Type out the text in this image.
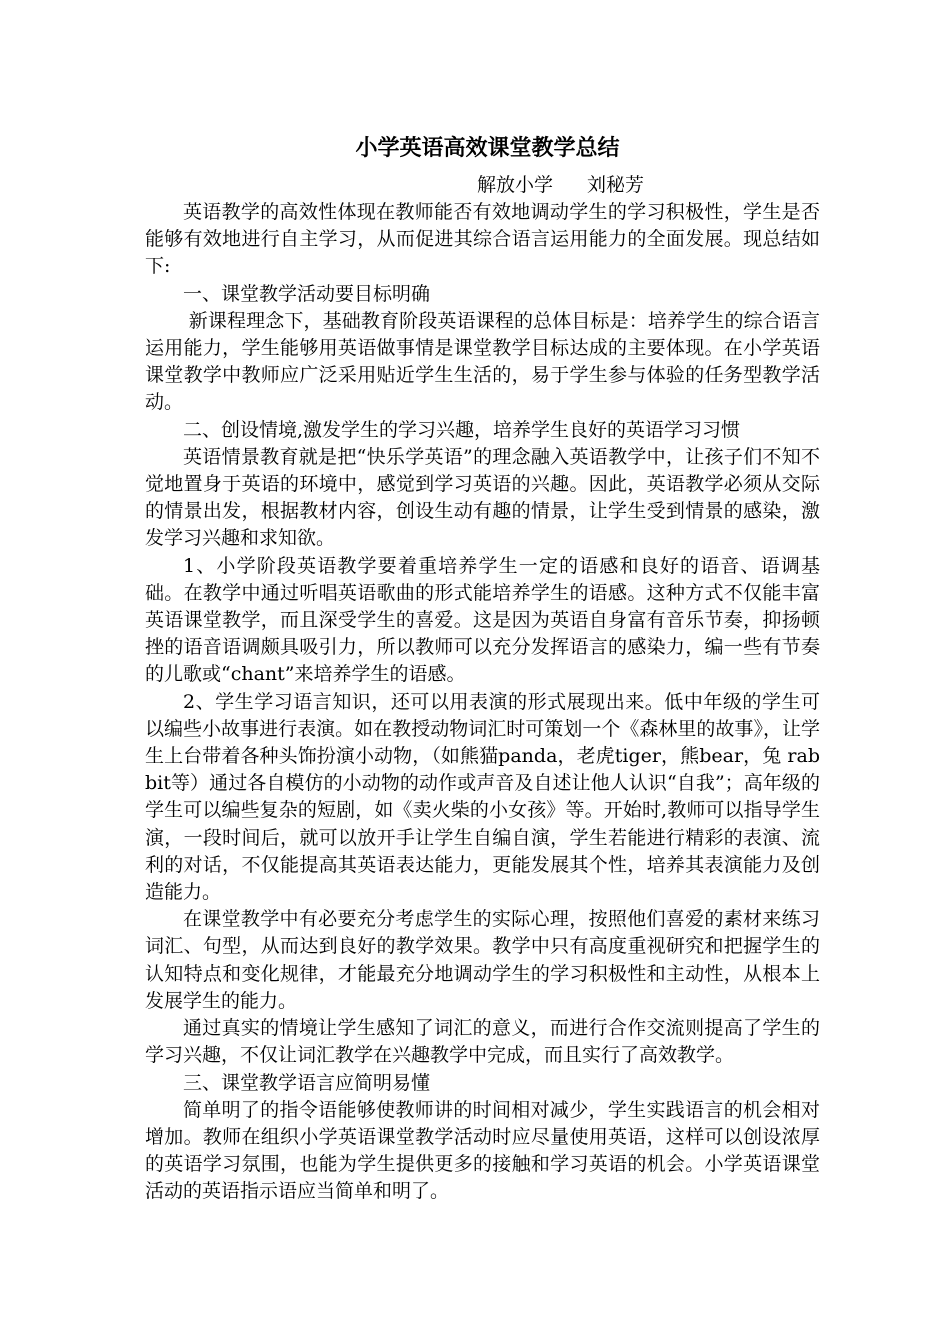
小学英语高效课堂教学总结
解放小学 刘秘芳

英语教学的高效性体现在教师能否有效地调动学生的学习积极性，学生是否能够有效地进行自主学习，从而促进其综合语言运用能力的全面发展。现总结如下:

一、课堂教学活动要目标明确

新课程理念下，基础教育阶段英语课程的总体目标是：培养学生的综合语言运用能力，学生能够用英语做事情是课堂教学目标达成的主要体现。在小学英语课堂教学中教师应广泛采用贴近学生生活的，易于学生参与体验的任务型教学活动。

二、创设情境,激发学生的学习兴趣，培养学生良好的英语学习习惯

英语情景教育就是把“快乐学英语”的理念融入英语教学中，让孩子们不知不觉地置身于英语的环境中，感觉到学习英语的兴趣。因此，英语教学必须从交际的情景出发，根据教材内容，创设生动有趣的情景，让学生受到情景的感染，激发学习兴趣和求知欲。

1、小学阶段英语教学要着重培养学生一定的语感和良好的语音、语调基础。在教学中通过听唱英语歌曲的形式能培养学生的语感。这种方式不仅能丰富英语课堂教学，而且深受学生的喜爱。这是因为英语自身富有音乐节奏，抑扬顿挫的语音语调颇具吸引力，所以教师可以充分发挥语言的感染力，编一些有节奏的儿歌或“chant”来培养学生的语感。

2、学生学习语言知识，还可以用表演的形式展现出来。低中年级的学生可以编些小故事进行表演。如在教授动物词汇时可策划一个《森林里的故事》，让学生上台带着各种头饰扮演小动物，（如熊猫panda，老虎tiger，熊bear，兔 rabbit等）通过各自模仿的小动物的动作或声音及自述让他人认识“自我”；高年级的学生可以编些复杂的短剧，如《卖火柴的小女孩》等。开始时,教师可以指导学生演，一段时间后，就可以放开手让学生自编自演，学生若能进行精彩的表演、流利的对话，不仅能提高其英语表达能力，更能发展其个性，培养其表演能力及创造能力。

在课堂教学中有必要充分考虑学生的实际心理，按照他们喜爱的素材来练习词汇、句型，从而达到良好的教学效果。教学中只有高度重视研究和把握学生的认知特点和变化规律，才能最充分地调动学生的学习积极性和主动性，从根本上发展学生的能力。

通过真实的情境让学生感知了词汇的意义，而进行合作交流则提高了学生的学习兴趣，不仅让词汇教学在兴趣教学中完成，而且实行了高效教学。

三、课堂教学语言应简明易懂

简单明了的指令语能够使教师讲的时间相对减少，学生实践语言的机会相对增加。教师在组织小学英语课堂教学活动时应尽量使用英语，这样可以创设浓厚的英语学习氛围，也能为学生提供更多的接触和学习英语的机会。小学英语课堂活动的英语指示语应当简单和明了。
